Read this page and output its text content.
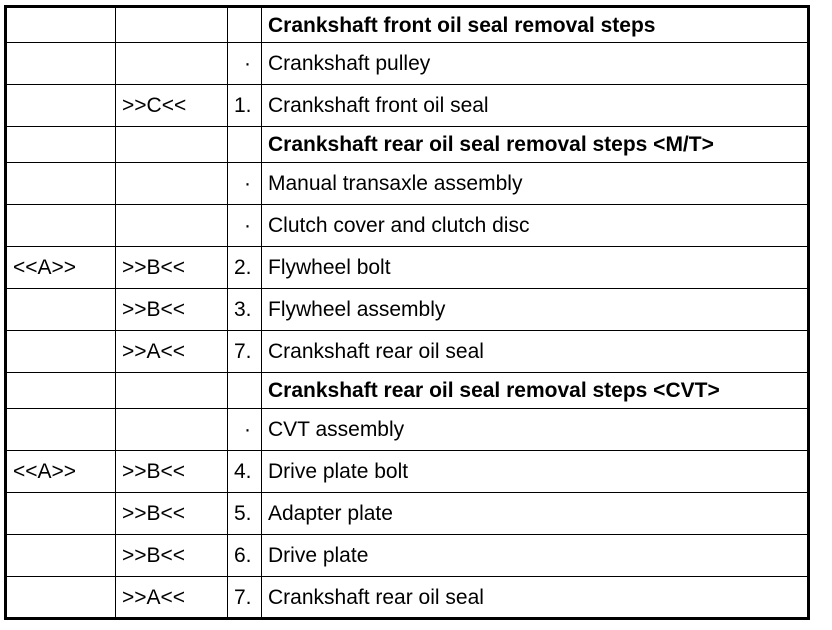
			Crankshaft front oil seal removal steps
		·	Crankshaft pulley
	>>C<<	1.	Crankshaft front oil seal
			Crankshaft rear oil seal removal steps <M/T>
		·	Manual transaxle assembly
		·	Clutch cover and clutch disc
<<A>>	>>B<<	2.	Flywheel bolt
	>>B<<	3.	Flywheel assembly
	>>A<<	7.	Crankshaft rear oil seal
			Crankshaft rear oil seal removal steps <CVT>
		·	CVT assembly
<<A>>	>>B<<	4.	Drive plate bolt
	>>B<<	5.	Adapter plate
	>>B<<	6.	Drive plate
	>>A<<	7.	Crankshaft rear oil seal
